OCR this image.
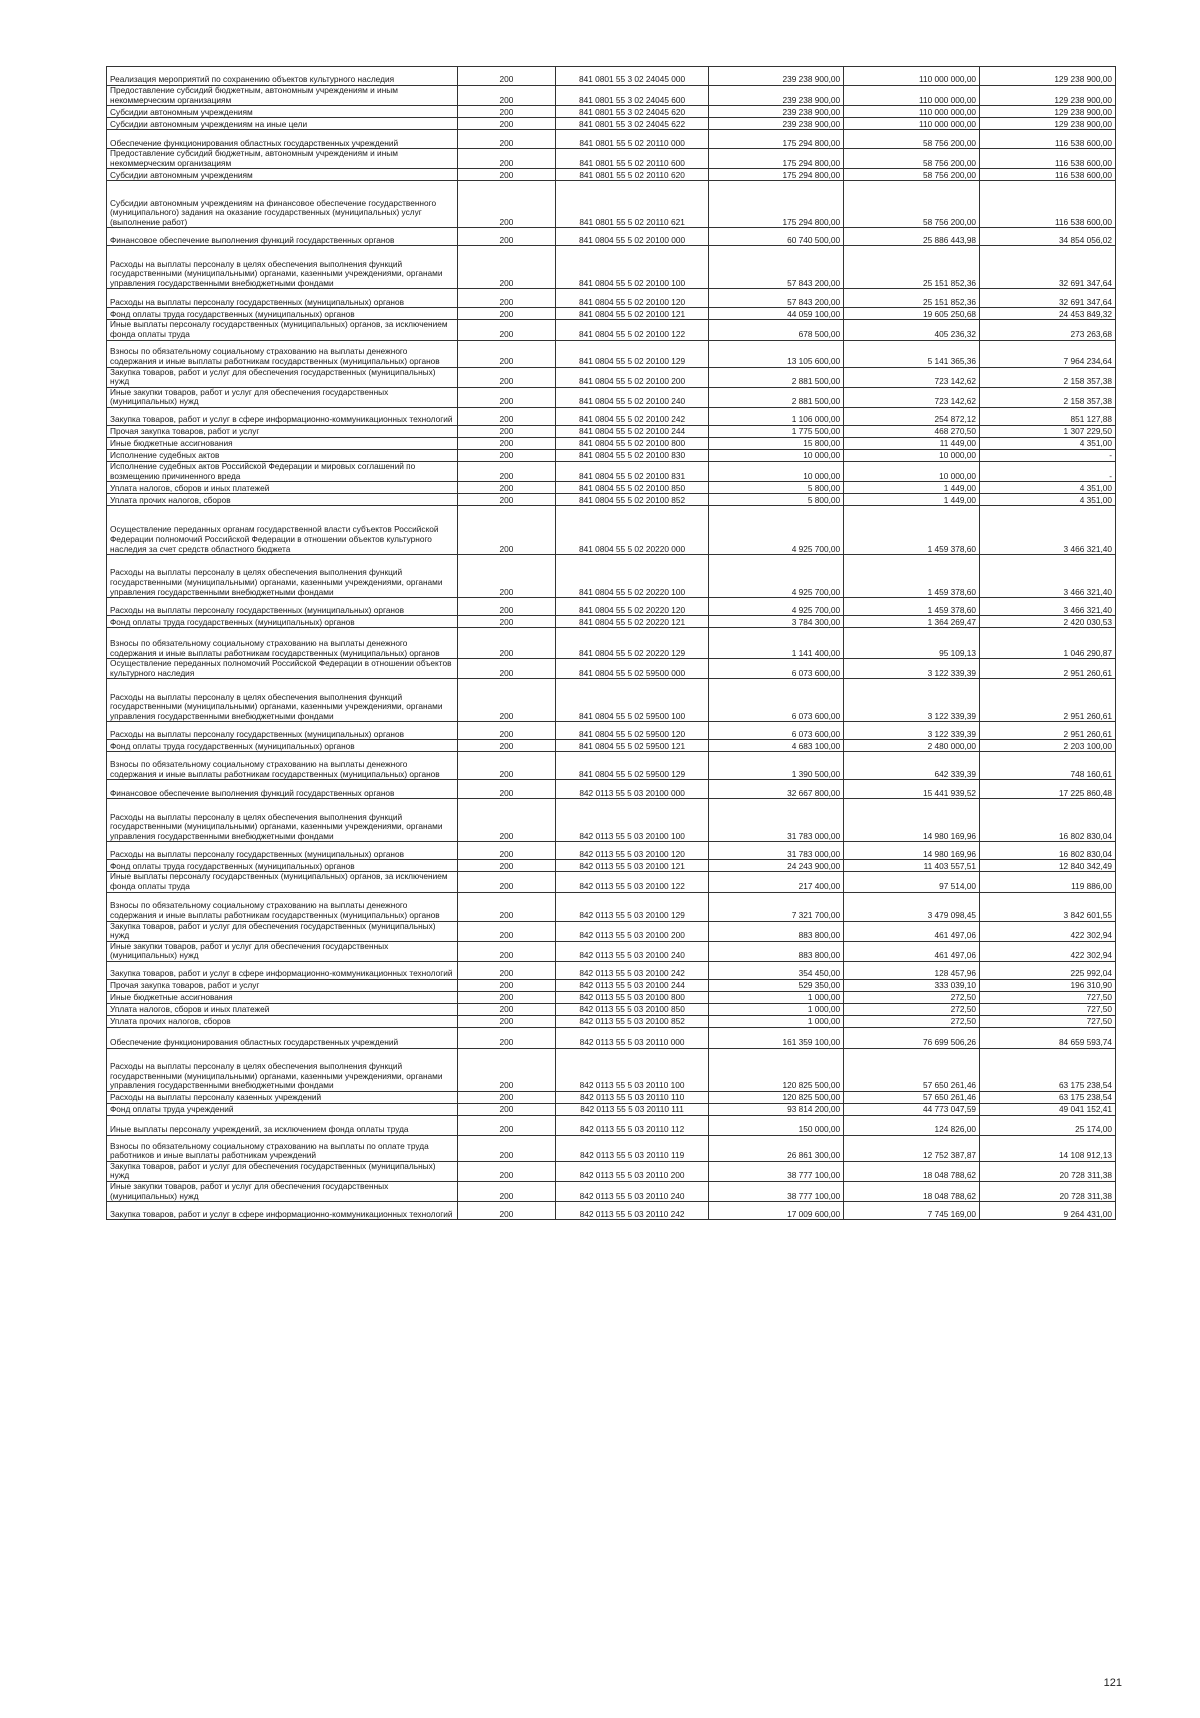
Реализация мероприятий по сохранению объектов культурного наследия	200	841 0801 55 3 02 24045 000	239 238 900,00	110 000 000,00	129 238 900,00
Предоставление субсидий бюджетным, автономным учреждениям и иным некоммерческим организациям	200	841 0801 55 3 02 24045 600	239 238 900,00	110 000 000,00	129 238 900,00
Субсидии автономным учреждениям	200	841 0801 55 3 02 24045 620	239 238 900,00	110 000 000,00	129 238 900,00
Субсидии автономным учреждениям на иные цели	200	841 0801 55 3 02 24045 622	239 238 900,00	110 000 000,00	129 238 900,00
Обеспечение функционирования областных государственных учреждений	200	841 0801 55 5 02 20110 000	175 294 800,00	58 756 200,00	116 538 600,00
Предоставление субсидий бюджетным, автономным учреждениям и иным некоммерческим организациям	200	841 0801 55 5 02 20110 600	175 294 800,00	58 756 200,00	116 538 600,00
Субсидии автономным учреждениям	200	841 0801 55 5 02 20110 620	175 294 800,00	58 756 200,00	116 538 600,00
Субсидии автономным учреждениям на финансовое обеспечение государственного (муниципального) задания на оказание государственных (муниципальных) услуг (выполнение работ)	200	841 0801 55 5 02 20110 621	175 294 800,00	58 756 200,00	116 538 600,00
Финансовое обеспечение выполнения функций государственных органов	200	841 0804 55 5 02 20100 000	60 740 500,00	25 886 443,98	34 854 056,02
Расходы на выплаты персоналу в целях обеспечения выполнения функций государственными (муниципальными) органами, казенными учреждениями, органами управления государственными внебюджетными фондами	200	841 0804 55 5 02 20100 100	57 843 200,00	25 151 852,36	32 691 347,64
Расходы на выплаты персоналу государственных (муниципальных) органов	200	841 0804 55 5 02 20100 120	57 843 200,00	25 151 852,36	32 691 347,64
Фонд оплаты труда государственных (муниципальных) органов	200	841 0804 55 5 02 20100 121	44 059 100,00	19 605 250,68	24 453 849,32
Иные выплаты персоналу государственных (муниципальных) органов, за исключением фонда оплаты труда	200	841 0804 55 5 02 20100 122	678 500,00	405 236,32	273 263,68
Взносы по обязательному социальному страхованию на выплаты денежного содержания и иные выплаты работникам государственных (муниципальных) органов	200	841 0804 55 5 02 20100 129	13 105 600,00	5 141 365,36	7 964 234,64
Закупка товаров, работ и услуг для обеспечения государственных (муниципальных) нужд	200	841 0804 55 5 02 20100 200	2 881 500,00	723 142,62	2 158 357,38
Иные закупки товаров, работ и услуг для обеспечения государственных (муниципальных) нужд	200	841 0804 55 5 02 20100 240	2 881 500,00	723 142,62	2 158 357,38
Закупка товаров, работ и услуг в сфере информационно-коммуникационных технологий	200	841 0804 55 5 02 20100 242	1 106 000,00	254 872,12	851 127,88
Прочая закупка товаров, работ и услуг	200	841 0804 55 5 02 20100 244	1 775 500,00	468 270,50	1 307 229,50
Иные бюджетные ассигнования	200	841 0804 55 5 02 20100 800	15 800,00	11 449,00	4 351,00
Исполнение судебных актов	200	841 0804 55 5 02 20100 830	10 000,00	10 000,00	-
Исполнение судебных актов Российской Федерации и мировых соглашений по возмещению причиненного вреда	200	841 0804 55 5 02 20100 831	10 000,00	10 000,00	-
Уплата налогов, сборов и иных платежей	200	841 0804 55 5 02 20100 850	5 800,00	1 449,00	4 351,00
Уплата прочих налогов, сборов	200	841 0804 55 5 02 20100 852	5 800,00	1 449,00	4 351,00
Осуществление переданных органам государственной власти субъектов Российской Федерации полномочий Российской Федерации в отношении объектов культурного наследия за счет средств областного бюджета	200	841 0804 55 5 02 20220 000	4 925 700,00	1 459 378,60	3 466 321,40
Расходы на выплаты персоналу в целях обеспечения выполнения функций государственными (муниципальными) органами, казенными учреждениями, органами управления государственными внебюджетными фондами	200	841 0804 55 5 02 20220 100	4 925 700,00	1 459 378,60	3 466 321,40
Расходы на выплаты персоналу государственных (муниципальных) органов	200	841 0804 55 5 02 20220 120	4 925 700,00	1 459 378,60	3 466 321,40
Фонд оплаты труда государственных (муниципальных) органов	200	841 0804 55 5 02 20220 121	3 784 300,00	1 364 269,47	2 420 030,53
Взносы по обязательному социальному страхованию на выплаты денежного содержания и иные выплаты работникам государственных (муниципальных) органов	200	841 0804 55 5 02 20220 129	1 141 400,00	95 109,13	1 046 290,87
Осуществление переданных полномочий Российской Федерации в отношении объектов культурного наследия	200	841 0804 55 5 02 59500 000	6 073 600,00	3 122 339,39	2 951 260,61
Расходы на выплаты персоналу в целях обеспечения выполнения функций государственными (муниципальными) органами, казенными учреждениями, органами управления государственными внебюджетными фондами	200	841 0804 55 5 02 59500 100	6 073 600,00	3 122 339,39	2 951 260,61
Расходы на выплаты персоналу государственных (муниципальных) органов	200	841 0804 55 5 02 59500 120	6 073 600,00	3 122 339,39	2 951 260,61
Фонд оплаты труда государственных (муниципальных) органов	200	841 0804 55 5 02 59500 121	4 683 100,00	2 480 000,00	2 203 100,00
Взносы по обязательному социальному страхованию на выплаты денежного содержания и иные выплаты работникам государственных (муниципальных) органов	200	841 0804 55 5 02 59500 129	1 390 500,00	642 339,39	748 160,61
Финансовое обеспечение выполнения функций государственных органов	200	842 0113 55 5 03 20100 000	32 667 800,00	15 441 939,52	17 225 860,48
Расходы на выплаты персоналу в целях обеспечения выполнения функций государственными (муниципальными) органами, казенными учреждениями, органами управления государственными внебюджетными фондами	200	842 0113 55 5 03 20100 100	31 783 000,00	14 980 169,96	16 802 830,04
Расходы на выплаты персоналу государственных (муниципальных) органов	200	842 0113 55 5 03 20100 120	31 783 000,00	14 980 169,96	16 802 830,04
Фонд оплаты труда государственных (муниципальных) органов	200	842 0113 55 5 03 20100 121	24 243 900,00	11 403 557,51	12 840 342,49
Иные выплаты персоналу государственных (муниципальных) органов, за исключением фонда оплаты труда	200	842 0113 55 5 03 20100 122	217 400,00	97 514,00	119 886,00
Взносы по обязательному социальному страхованию на выплаты денежного содержания и иные выплаты работникам государственных (муниципальных) органов	200	842 0113 55 5 03 20100 129	7 321 700,00	3 479 098,45	3 842 601,55
Закупка товаров, работ и услуг для обеспечения государственных (муниципальных) нужд	200	842 0113 55 5 03 20100 200	883 800,00	461 497,06	422 302,94
Иные закупки товаров, работ и услуг для обеспечения государственных (муниципальных) нужд	200	842 0113 55 5 03 20100 240	883 800,00	461 497,06	422 302,94
Закупка товаров, работ и услуг в сфере информационно-коммуникационных технологий	200	842 0113 55 5 03 20100 242	354 450,00	128 457,96	225 992,04
Прочая закупка товаров, работ и услуг	200	842 0113 55 5 03 20100 244	529 350,00	333 039,10	196 310,90
Иные бюджетные ассигнования	200	842 0113 55 5 03 20100 800	1 000,00	272,50	727,50
Уплата налогов, сборов и иных платежей	200	842 0113 55 5 03 20100 850	1 000,00	272,50	727,50
Уплата прочих налогов, сборов	200	842 0113 55 5 03 20100 852	1 000,00	272,50	727,50
Обеспечение функционирования областных государственных учреждений	200	842 0113 55 5 03 20110 000	161 359 100,00	76 699 506,26	84 659 593,74
Расходы на выплаты персоналу в целях обеспечения выполнения функций государственными (муниципальными) органами, казенными учреждениями, органами управления государственными внебюджетными фондами	200	842 0113 55 5 03 20110 100	120 825 500,00	57 650 261,46	63 175 238,54
Расходы на выплаты персоналу казенных учреждений	200	842 0113 55 5 03 20110 110	120 825 500,00	57 650 261,46	63 175 238,54
Фонд оплаты труда учреждений	200	842 0113 55 5 03 20110 111	93 814 200,00	44 773 047,59	49 041 152,41
Иные выплаты персоналу учреждений, за исключением фонда оплаты труда	200	842 0113 55 5 03 20110 112	150 000,00	124 826,00	25 174,00
Взносы по обязательному социальному страхованию на выплаты по оплате труда работников и иные выплаты работникам учреждений	200	842 0113 55 5 03 20110 119	26 861 300,00	12 752 387,87	14 108 912,13
Закупка товаров, работ и услуг для обеспечения государственных (муниципальных) нужд	200	842 0113 55 5 03 20110 200	38 777 100,00	18 048 788,62	20 728 311,38
Иные закупки товаров, работ и услуг для обеспечения государственных (муниципальных) нужд	200	842 0113 55 5 03 20110 240	38 777 100,00	18 048 788,62	20 728 311,38
Закупка товаров, работ и услуг в сфере информационно-коммуникационных технологий	200	842 0113 55 5 03 20110 242	17 009 600,00	7 745 169,00	9 264 431,00
121
